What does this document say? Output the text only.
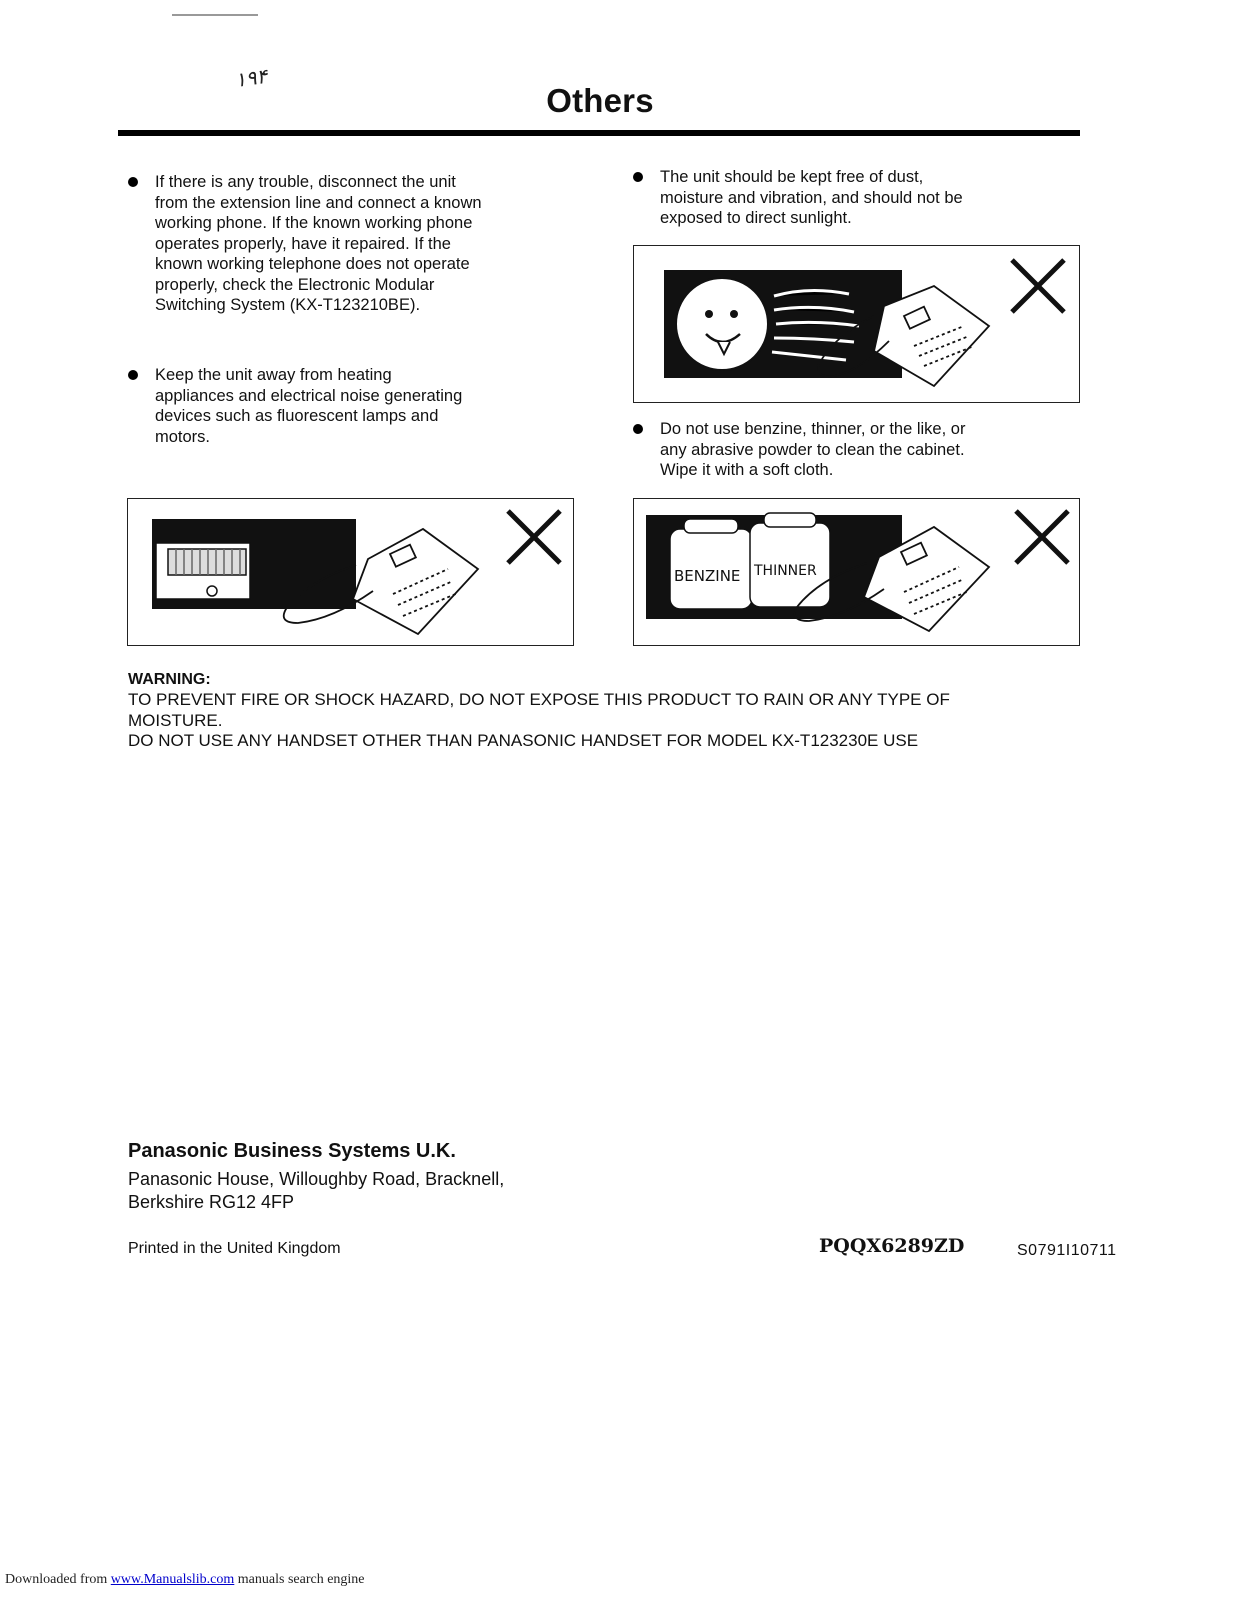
۱۹۴
Others
If there is any trouble, disconnect the unit
from the extension line and connect a known
working phone. If the known working phone
operates properly, have it repaired. If the
known working telephone does not operate
properly, check the Electronic Modular
Switching System (KX-T123210BE).
Keep the unit away from heating
appliances and electrical noise generating
devices such as fluorescent lamps and
motors.
The unit should be kept free of dust,
moisture and vibration, and should not be
exposed to direct sunlight.
Do not use benzine, thinner, or the like, or
any abrasive powder to clean the cabinet.
Wipe it with a soft cloth.
BENZINE THINNER
WARNING:
TO PREVENT FIRE OR SHOCK HAZARD, DO NOT EXPOSE THIS PRODUCT TO RAIN OR ANY TYPE OF
MOISTURE.
DO NOT USE ANY HANDSET OTHER THAN PANASONIC HANDSET FOR MODEL KX-T123230E USE
Panasonic Business Systems U.K.
Panasonic House, Willoughby Road, Bracknell,
Berkshire RG12 4FP
Printed in the United Kingdom	PQQX6289ZD	S0791I10711
Downloaded from www.Manualslib.com manuals search engine
